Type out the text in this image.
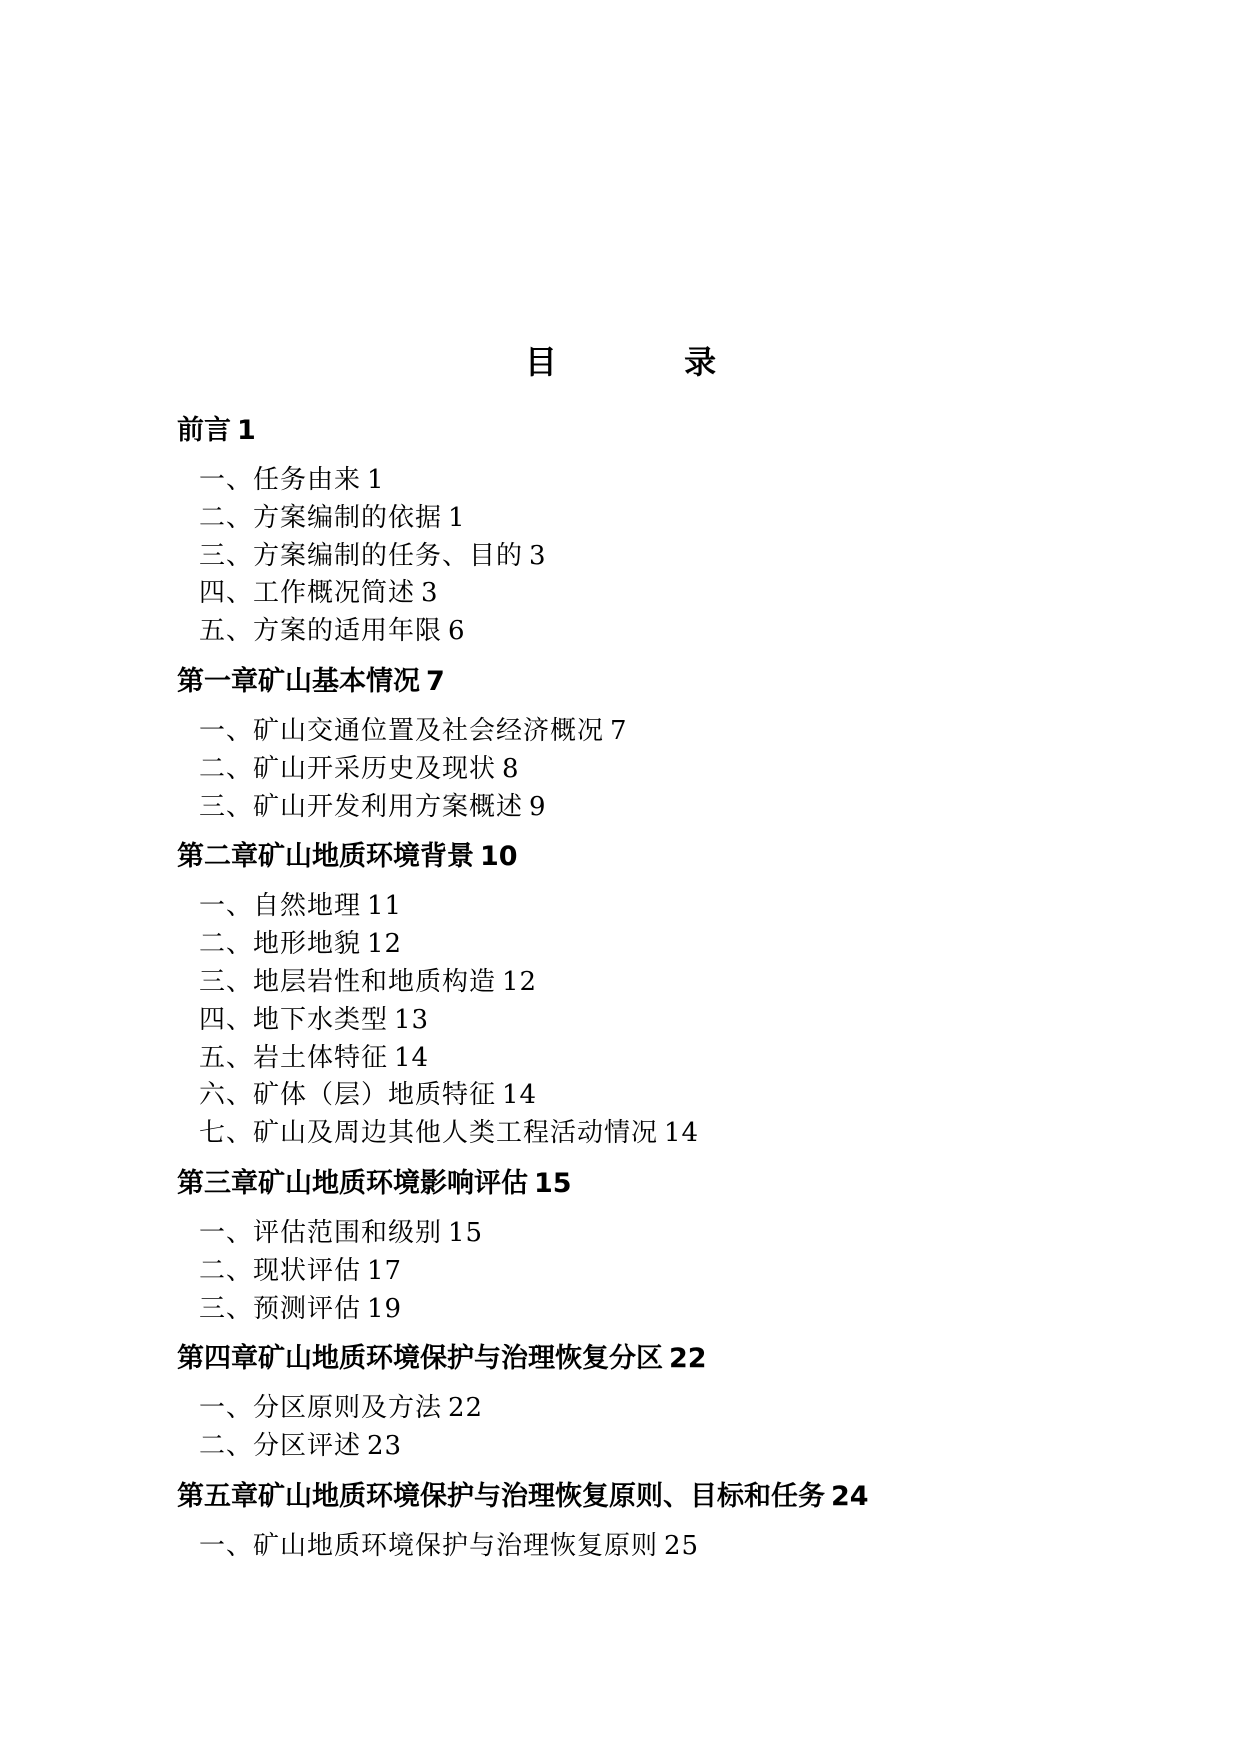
目 录
前言 1
一、任务由来 1
二、方案编制的依据 1
三、方案编制的任务、目的 3
四、工作概况简述 3
五、方案的适用年限 6
第一章矿山基本情况 7
一、矿山交通位置及社会经济概况 7
二、矿山开采历史及现状 8
三、矿山开发利用方案概述 9
第二章矿山地质环境背景 10
一、自然地理 11
二、地形地貌 12
三、地层岩性和地质构造 12
四、地下水类型 13
五、岩土体特征 14
六、矿体（层）地质特征 14
七、矿山及周边其他人类工程活动情况 14
第三章矿山地质环境影响评估 15
一、评估范围和级别 15
二、现状评估 17
三、预测评估 19
第四章矿山地质环境保护与治理恢复分区 22
一、分区原则及方法 22
二、分区评述 23
第五章矿山地质环境保护与治理恢复原则、目标和任务 24
一、矿山地质环境保护与治理恢复原则 25
